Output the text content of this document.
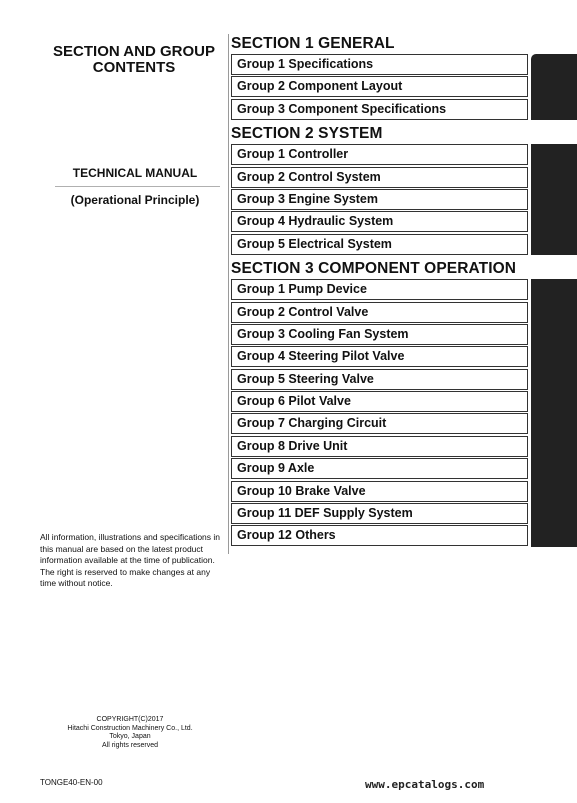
SECTION AND GROUP
CONTENTS
TECHNICAL MANUAL
(Operational Principle)
All information, illustrations and specifications in this manual are based on the latest product information available at the time of publication. The right is reserved to make changes at any time without notice.
COPYRIGHT(C)2017
Hitachi Construction Machinery Co., Ltd.
Tokyo, Japan
All rights reserved
TONGE40-EN-00	www.epcatalogs.com
SECTION 1 GENERAL
Group 1 Specifications
Group 2 Component Layout
Group 3 Component Specifications
SECTION 2 SYSTEM
Group 1 Controller
Group 2 Control System
Group 3 Engine System
Group 4 Hydraulic System
Group 5 Electrical System
SECTION 3 COMPONENT OPERATION
Group 1 Pump Device
Group 2 Control Valve
Group 3 Cooling Fan System
Group 4 Steering Pilot Valve
Group 5 Steering Valve
Group 6 Pilot Valve
Group 7 Charging Circuit
Group 8 Drive Unit
Group 9 Axle
Group 10 Brake Valve
Group 11 DEF Supply System
Group 12 Others
